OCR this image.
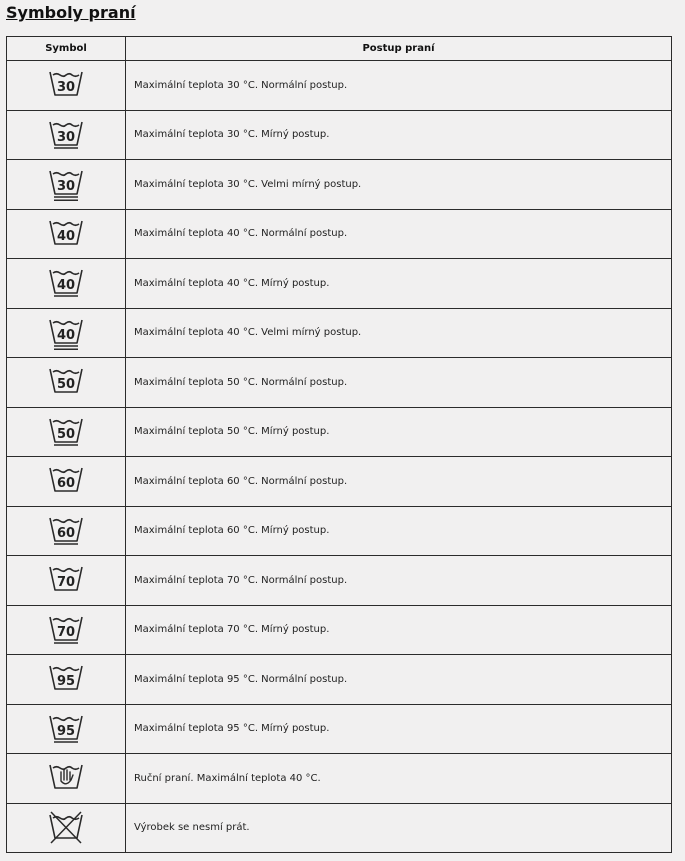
Symboly praní
Symbol	Postup praní

30	Maximální teplota 30 °C. Normální postup.

30	Maximální teplota 30 °C. Mírný postup.

30	Maximální teplota 30 °C. Velmi mírný postup.

40	Maximální teplota 40 °C. Normální postup.

40	Maximální teplota 40 °C. Mírný postup.

40	Maximální teplota 40 °C. Velmi mírný postup.

50	Maximální teplota 50 °C. Normální postup.

50	Maximální teplota 50 °C. Mírný postup.

60	Maximální teplota 60 °C. Normální postup.

60	Maximální teplota 60 °C. Mírný postup.

70	Maximální teplota 70 °C. Normální postup.

70	Maximální teplota 70 °C. Mírný postup.

95	Maximální teplota 95 °C. Normální postup.

95	Maximální teplota 95 °C. Mírný postup.

	Ruční praní. Maximální teplota 40 °C.

	Výrobek se nesmí prát.
